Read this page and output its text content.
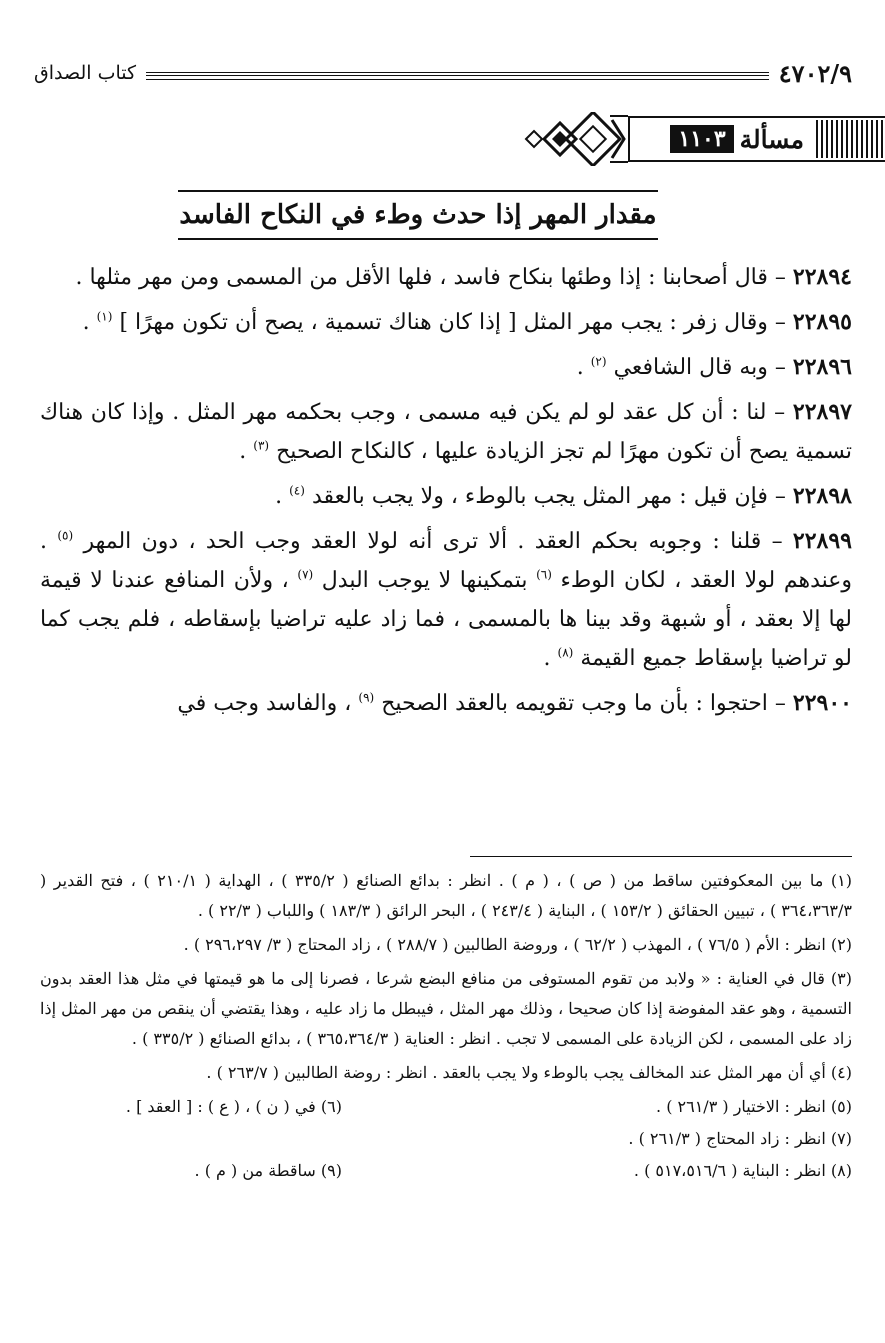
٤٧٠٢/٩
كتاب الصداق
مسألة
١١٠٣
مقدار المهر إذا حدث وطء في النكاح الفاسد

٢٢٨٩٤ – قال أصحابنا : إذا وطئها بنكاح فاسد ، فلها الأقل من المسمى ومن مهر مثلها .

٢٢٨٩٥ – وقال زفر : يجب مهر المثل [ إذا كان هناك تسمية ، يصح أن تكون مهرًا ] $^{(١)}$ .

٢٢٨٩٦ – وبه قال الشافعي $^{(٢)}$ .

٢٢٨٩٧ – لنا : أن كل عقد لو لم يكن فيه مسمى ، وجب بحكمه مهر المثل . وإذا كان هناك تسمية يصح أن تكون مهرًا لم تجز الزيادة عليها ، كالنكاح الصحيح $^{(٣)}$ .

٢٢٨٩٨ – فإن قيل : مهر المثل يجب بالوطء ، ولا يجب بالعقد $^{(٤)}$ .

٢٢٨٩٩ – قلنا : وجوبه بحكم العقد . ألا ترى أنه لولا العقد وجب الحد ، دون المهر $^{(٥)}$ . وعندهم لولا العقد ، لكان الوطء $^{(٦)}$ بتمكينها لا يوجب البدل $^{(٧)}$ ، ولأن المنافع عندنا لا قيمة لها إلا بعقد ، أو شبهة وقد بينا ها بالمسمى ، فما زاد عليه تراضيا بإسقاطه ، فلم يجب كما لو تراضيا بإسقاط جميع القيمة $^{(٨)}$ .

٢٢٩٠٠ – احتجوا : بأن ما وجب تقويمه بالعقد الصحيح $^{(٩)}$ ، والفاسد وجب في

(١) ما بين المعكوفتين ساقط من ( ص ) ، ( م ) . انظر : بدائع الصنائع ( ٣٣٥/٢ ) ، الهداية ( ٢١٠/١ ) ، فتح القدير ( ٣٦٤،٣٦٣/٣ ) ، تبيين الحقائق ( ١٥٣/٢ ) ، البناية ( ٢٤٣/٤ ) ، البحر الرائق ( ١٨٣/٣ ) واللباب ( ٢٢/٣ ) .
(٢) انظر : الأم ( ٧٦/٥ ) ، المهذب ( ٦٢/٢ ) ، وروضة الطالبين ( ٢٨٨/٧ ) ، زاد المحتاج ( ٣/ ٢٩٦،٢٩٧ ) .
(٣) قال في العناية : « ولابد من تقوم المستوفى من منافع البضع شرعا ، فصرنا إلى ما هو قيمتها في مثل هذا العقد بدون التسمية ، وهو عقد المفوضة إذا كان صحيحا ، وذلك مهر المثل ، فيبطل ما زاد عليه ، وهذا يقتضي أن ينقص من مهر المثل إذا زاد على المسمى ، لكن الزيادة على المسمى لا تجب . انظر : العناية ( ٣٦٥،٣٦٤/٣ ) ، بدائع الصنائع ( ٣٣٥/٢ ) .
(٤) أي أن مهر المثل عند المخالف يجب بالوطء ولا يجب بالعقد . انظر : روضة الطالبين ( ٢٦٣/٧ ) .
(٥) انظر : الاختيار ( ٢٦١/٣ ) .
(٦) في ( ن ) ، ( ع ) : [ العقد ] .
(٧) انظر : زاد المحتاج ( ٢٦١/٣ ) .
(٨) انظر : البناية ( ٥١٧،٥١٦/٦ ) .
(٩) ساقطة من ( م ) .
